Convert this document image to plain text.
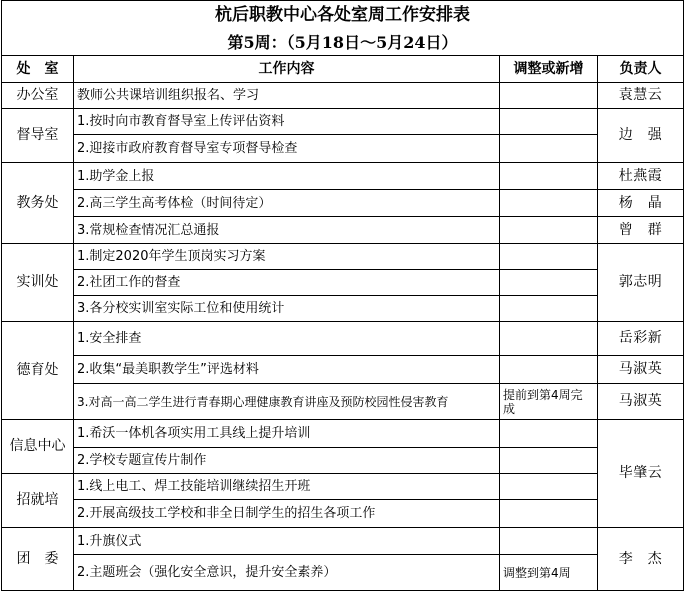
杭后职教中心各处室周工作安排表			
第5周：（5月18日～5月24日）			
处　室	工作内容	调整或新增	负责人
办公室	教师公共课培训组织报名、学习		袁慧云
督导室	1.按时向市教育督导室上传评估资料		边　强
	2.迎接市政府教育督导室专项督导检查		
教务处	1.助学金上报		杜燕霞
	2.高三学生高考体检（时间待定）		杨　晶
	3.常规检查情况汇总通报		曾　群
实训处	1.制定2020年学生顶岗实习方案		郭志明
	2.社团工作的督查		
	3.各分校实训室实际工位和使用统计		
德育处	1.安全排查		岳彩新
	2.收集“最美职教学生”评选材料		马淑英
	3.对高一高二学生进行青春期心理健康教育讲座及预防校园性侵害教育	提前到第4周完成	马淑英
信息中心	1.希沃一体机各项实用工具线上提升培训		毕肇云
	2.学校专题宣传片制作		
招就培	1.线上电工、焊工技能培训继续招生开班		
	2.开展高级技工学校和非全日制学生的招生各项工作		
团　委	1.升旗仪式		李　杰
	2.主题班会（强化安全意识，提升安全素养）	调整到第4周	
